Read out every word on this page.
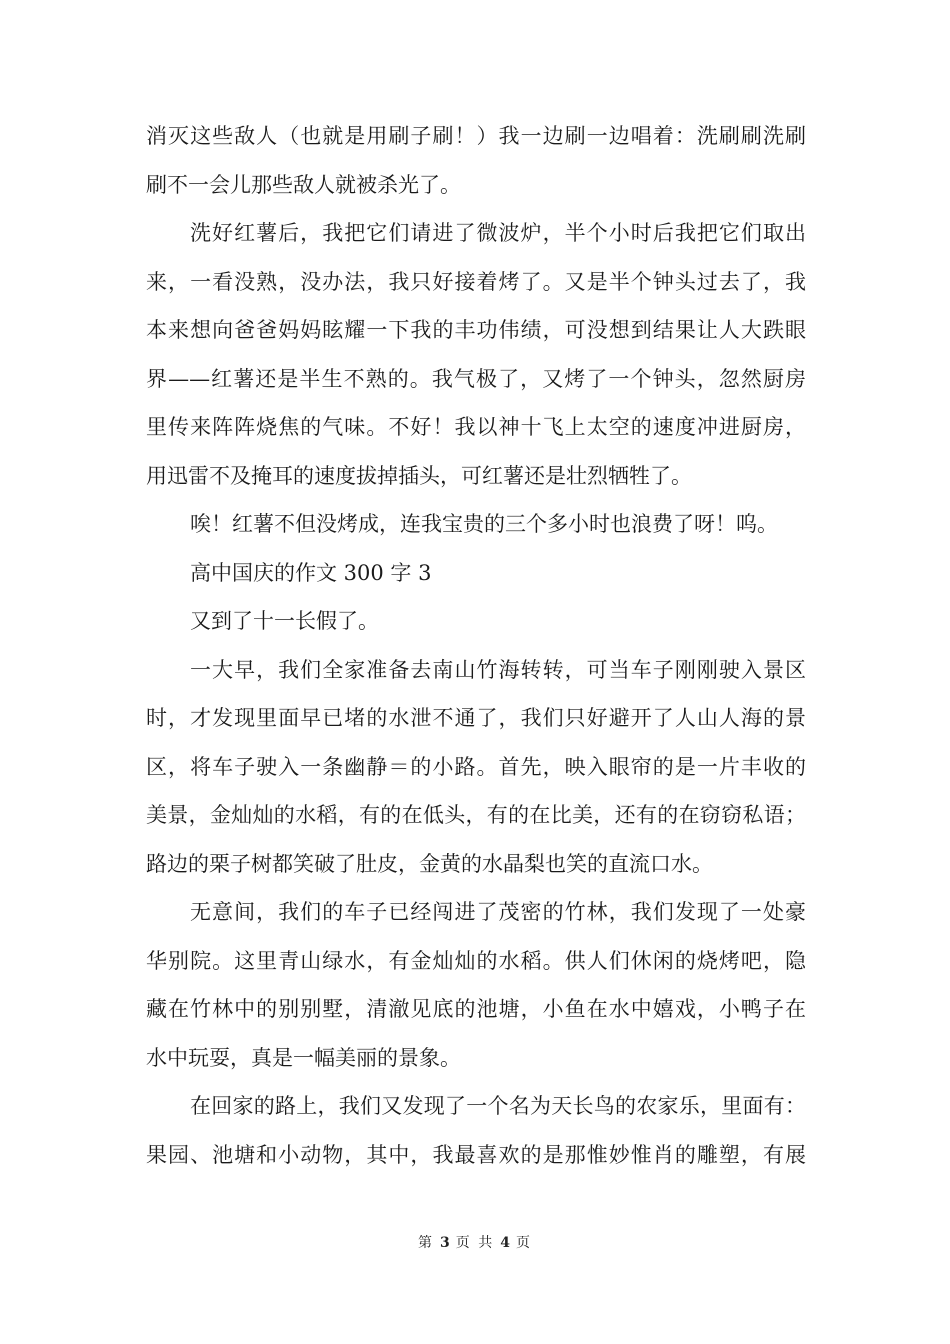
消灭这些敌人（也就是用刷子刷！）我一边刷一边唱着：洗刷刷洗刷
刷不一会儿那些敌人就被杀光了。
洗好红薯后，我把它们请进了微波炉，半个小时后我把它们取出
来，一看没熟，没办法，我只好接着烤了。又是半个钟头过去了，我
本来想向爸爸妈妈眩耀一下我的丰功伟绩，可没想到结果让人大跌眼
界——红薯还是半生不熟的。我气极了，又烤了一个钟头，忽然厨房
里传来阵阵烧焦的气味。不好！我以神十飞上太空的速度冲进厨房，
用迅雷不及掩耳的速度拔掉插头，可红薯还是壮烈牺牲了。
唉！红薯不但没烤成，连我宝贵的三个多小时也浪费了呀！呜。
高中国庆的作文 300 字 3
又到了十一长假了。
一大早，我们全家准备去南山竹海转转，可当车子刚刚驶入景区
时，才发现里面早已堵的水泄不通了，我们只好避开了人山人海的景
区，将车子驶入一条幽静＝的小路。首先，映入眼帘的是一片丰收的
美景，金灿灿的水稻，有的在低头，有的在比美，还有的在窃窃私语；
路边的栗子树都笑破了肚皮，金黄的水晶梨也笑的直流口水。
无意间，我们的车子已经闯进了茂密的竹林，我们发现了一处豪
华别院。这里青山绿水，有金灿灿的水稻。供人们休闲的烧烤吧，隐
藏在竹林中的别别墅，清澈见底的池塘，小鱼在水中嬉戏，小鸭子在
水中玩耍，真是一幅美丽的景象。
在回家的路上，我们又发现了一个名为天长鸟的农家乐，里面有：
果园、池塘和小动物，其中，我最喜欢的是那惟妙惟肖的雕塑，有展
第 3 页 共 4 页
